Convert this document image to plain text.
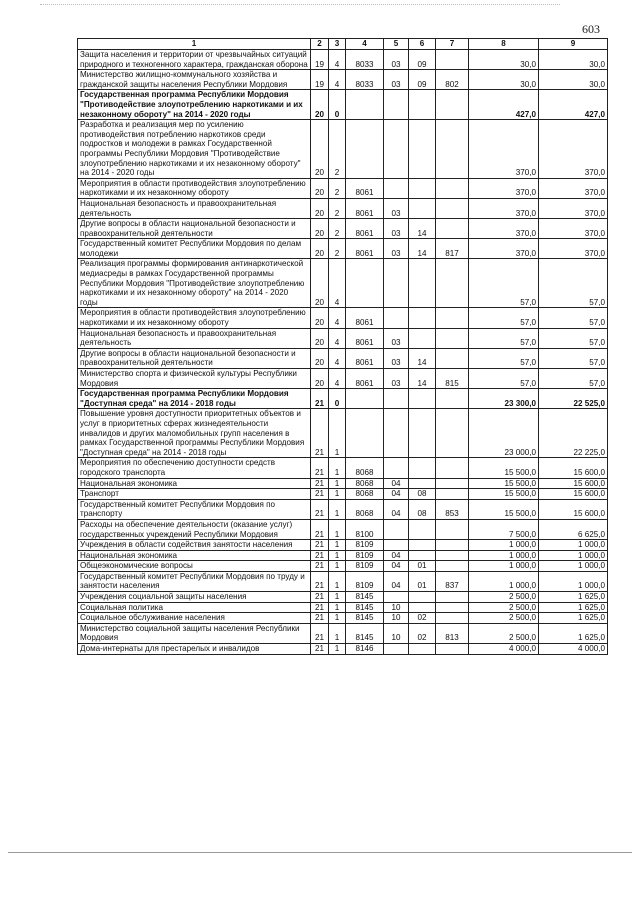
603
1	2	3	4	5	6	7	8	9
Защита населения и территории от чрезвычайных ситуаций природного и техногенного характера, гражданская оборона	19	4	8033	03	09		30,0	30,0
Министерство жилищно-коммунального хозяйства и гражданской защиты населения Республики Мордовия	19	4	8033	03	09	802	30,0	30,0
Государственная программа Республики Мордовия "Противодействие злоупотреблению наркотиками и их незаконному обороту" на 2014 - 2020 годы	20	0					427,0	427,0
Разработка и реализация мер по усилению противодействия потреблению наркотиков среди подростков и молодежи в рамках Государственной программы Республики Мордовия "Противодействие злоупотреблению наркотиками и их незаконному обороту" на 2014 - 2020 годы	20	2					370,0	370,0
Мероприятия в области противодействия злоупотреблению наркотиками и их незаконному обороту	20	2	8061				370,0	370,0
Национальная безопасность и правоохранительная деятельность	20	2	8061	03			370,0	370,0
Другие вопросы в области национальной безопасности и правоохранительной деятельности	20	2	8061	03	14		370,0	370,0
Государственный комитет Республики Мордовия по делам молодежи	20	2	8061	03	14	817	370,0	370,0
Реализация программы формирования антинаркотической медиасреды в рамках Государственной программы Республики Мордовия "Противодействие злоупотреблению наркотиками и их незаконному обороту" на 2014 - 2020 годы	20	4					57,0	57,0
Мероприятия в области противодействия злоупотреблению наркотиками и их незаконному обороту	20	4	8061				57,0	57,0
Национальная безопасность и правоохранительная деятельность	20	4	8061	03			57,0	57,0
Другие вопросы в области национальной безопасности и правоохранительной деятельности	20	4	8061	03	14		57,0	57,0
Министерство спорта и физической культуры Республики Мордовия	20	4	8061	03	14	815	57,0	57,0
Государственная программа Республики Мордовия "Доступная среда" на 2014 - 2018 годы	21	0					23 300,0	22 525,0
Повышение уровня доступности приоритетных объектов и услуг в приоритетных сферах жизнедеятельности инвалидов и других маломобильных групп населения в рамках Государственной программы Республики Мордовия "Доступная среда" на 2014 - 2018 годы	21	1					23 000,0	22 225,0
Мероприятия по обеспечению доступности средств городского транспорта	21	1	8068				15 500,0	15 600,0
Национальная экономика	21	1	8068	04			15 500,0	15 600,0
Транспорт	21	1	8068	04	08		15 500,0	15 600,0
Государственный комитет Республики Мордовия по транспорту	21	1	8068	04	08	853	15 500,0	15 600,0
Расходы на обеспечение деятельности (оказание услуг) государственных учреждений Республики Мордовия	21	1	8100				7 500,0	6 625,0
Учреждения в области содействия занятости населения	21	1	8109				1 000,0	1 000,0
Национальная экономика	21	1	8109	04			1 000,0	1 000,0
Общеэкономические вопросы	21	1	8109	04	01		1 000,0	1 000,0
Государственный комитет Республики Мордовия по труду и занятости населения	21	1	8109	04	01	837	1 000,0	1 000,0
Учреждения социальной защиты населения	21	1	8145				2 500,0	1 625,0
Социальная политика	21	1	8145	10			2 500,0	1 625,0
Социальное обслуживание населения	21	1	8145	10	02		2 500,0	1 625,0
Министерство социальной защиты населения Республики Мордовия	21	1	8145	10	02	813	2 500,0	1 625,0
Дома-интернаты для престарелых и инвалидов	21	1	8146				4 000,0	4 000,0
